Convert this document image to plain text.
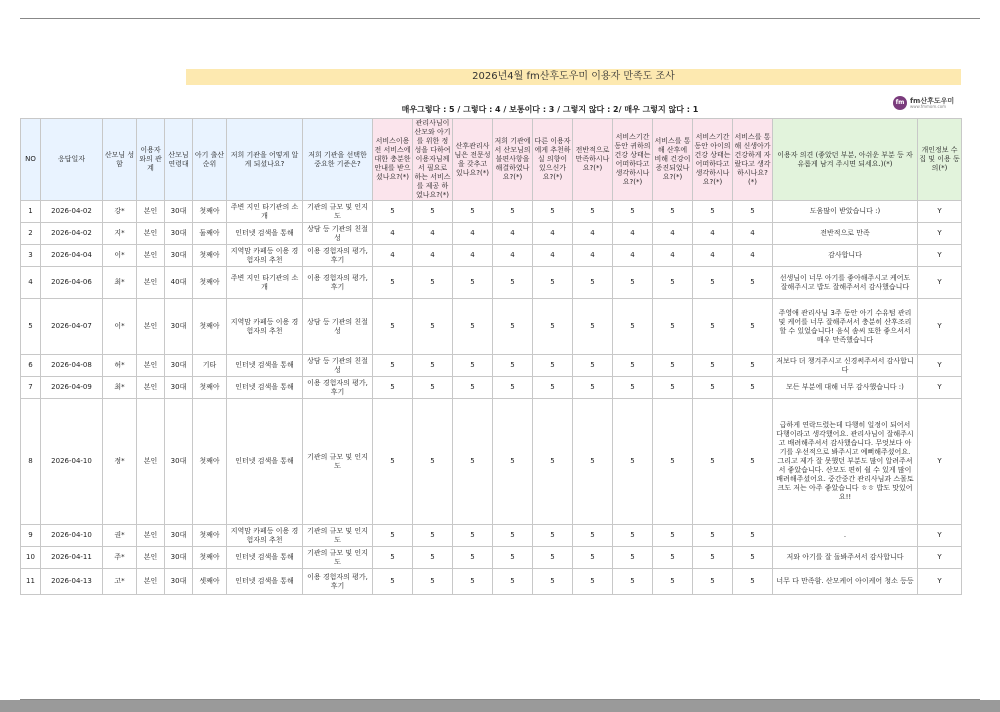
2026년4월 fm산후도우미 이용자 만족도 조사
매우그렇다 : 5 / 그렇다 : 4 / 보통이다 : 3 / 그렇지 않다 : 2/ 매우 그렇지 않다 : 1
fm fm산후도우미
www.fmmom.com
NO	응답일자	산모님 성함	이용자와의 관계	산모님 연령대	아기 출산 순위	저희 기관을 어떻게 알게 되셨나요?	저희 기관을 선택한 중요한 기준은?	서비스이용 전 서비스에 대한 충분한 안내를 받으셨나요?(*)	관리사님이 산모와 아기를 위한 정성을 다하여 이용자님께 서 필요로 하는 서비스를 제공 하였나요?(*)	산후관리사님은 전문성을 갖추고 있나요?(*)	저희 기관에서 산모님의 불편사항을 해결하였나요?(*)	다른 이용자에게 추천하실 의향이 있으신가요?(*)	전반적으로 만족하시나요?(*)	서비스기간 동안 귀하의 건강 상태는 어떠하다고 생각하시나요?(*)	서비스를 통해 산후에 비해 건강이 증진되었나요?(*)	서비스기간 동안 아이의 건강 상태는 어떠하다고 생각하시나요?(*)	서비스를 통해 신생아가 건강하게 자랐다고 생각하시나요?(*)	이용자 의견 (좋았던 부분, 아쉬운 부분 등 자유롭게 남겨 주시면 되세요.)(*)	개인정보 수집 및 이용 동의(*)
1	2026-04-02	강*	본인	30대	첫째아	주변 지인 타기관의 소개	기관의 규모 및 인지도	5	5	5	5	5	5	5	5	5	5	도움많이 받았습니다 :)	Y
2	2026-04-02	지*	본인	30대	둘째아	인터넷 검색을 통해	상담 등 기관의 친절성	4	4	4	4	4	4	4	4	4	4	전반적으로 만족	Y
3	2026-04-04	이*	본인	30대	첫째아	지역맘 카페등 이용 경험자의 추천	이용 경험자의 평가, 후기	4	4	4	4	4	4	4	4	4	4	감사합니다	Y
4	2026-04-06	최*	본인	40대	첫째아	주변 지인 타기관의 소개	이용 경험자의 평가, 후기	5	5	5	5	5	5	5	5	5	5	선생님이 너무 아기를 좋아해주시고 케어도 잘해주시고 밥도 잘해주셔서 감사했습니다	Y
5	2026-04-07	이*	본인	30대	첫째아	지역맘 카페등 이용 경험자의 추천	상담 등 기관의 친절성	5	5	5	5	5	5	5	5	5	5	주영애 관리사님 3주 동안 아기 수유텀 관리 및 케어를 너무 잘해주셔서 충분히 산후조리 할 수 있었습니다! 음식 솜씨 또한 좋으셔서 매우 만족했습니다	Y
6	2026-04-08	허*	본인	30대	기타	인터넷 검색을 통해	상담 등 기관의 친절성	5	5	5	5	5	5	5	5	5	5	저보다 더 챙겨주시고 신경써주셔서 감사합니다	Y
7	2026-04-09	최*	본인	30대	첫째아	인터넷 검색을 통해	이용 경험자의 평가, 후기	5	5	5	5	5	5	5	5	5	5	모든 부분에 대해 너무 감사했습니다 :)	Y
8	2026-04-10	정*	본인	30대	첫째아	인터넷 검색을 통해	기관의 규모 및 인지도	5	5	5	5	5	5	5	5	5	5	급하게 연락드렸는데 다행히 일정이 되어서 다행이라고 생각했어요. 관리사님이 잘해주시고 배려해주셔서 감사했습니다. 무엇보다 아기를 우선적으로 봐주시고 예뻐해주셨어요. 그리고 제가 잘 못했던 부분도 많이 알려주셔서 좋았습니다. 산모도 편히 쉴 수 있게 많이 배려해주셨어요. 중간중간 관리사님과 스몰토크도 저는 아주 좋았습니다 ㅎㅎ 밥도 맛있어요!!	Y
9	2026-04-10	권*	본인	30대	첫째아	지역맘 카페등 이용 경험자의 추천	기관의 규모 및 인지도	5	5	5	5	5	5	5	5	5	5	.	Y
10	2026-04-11	주*	본인	30대	첫째아	인터넷 검색을 통해	기관의 규모 및 인지도	5	5	5	5	5	5	5	5	5	5	저와 아기를 잘 돌봐주셔서 감사합니다	Y
11	2026-04-13	고*	본인	30대	셋째아	인터넷 검색을 통해	이용 경험자의 평가, 후기	5	5	5	5	5	5	5	5	5	5	너무 다 만족함. 산모케어 아이케어 청소 등등	Y
